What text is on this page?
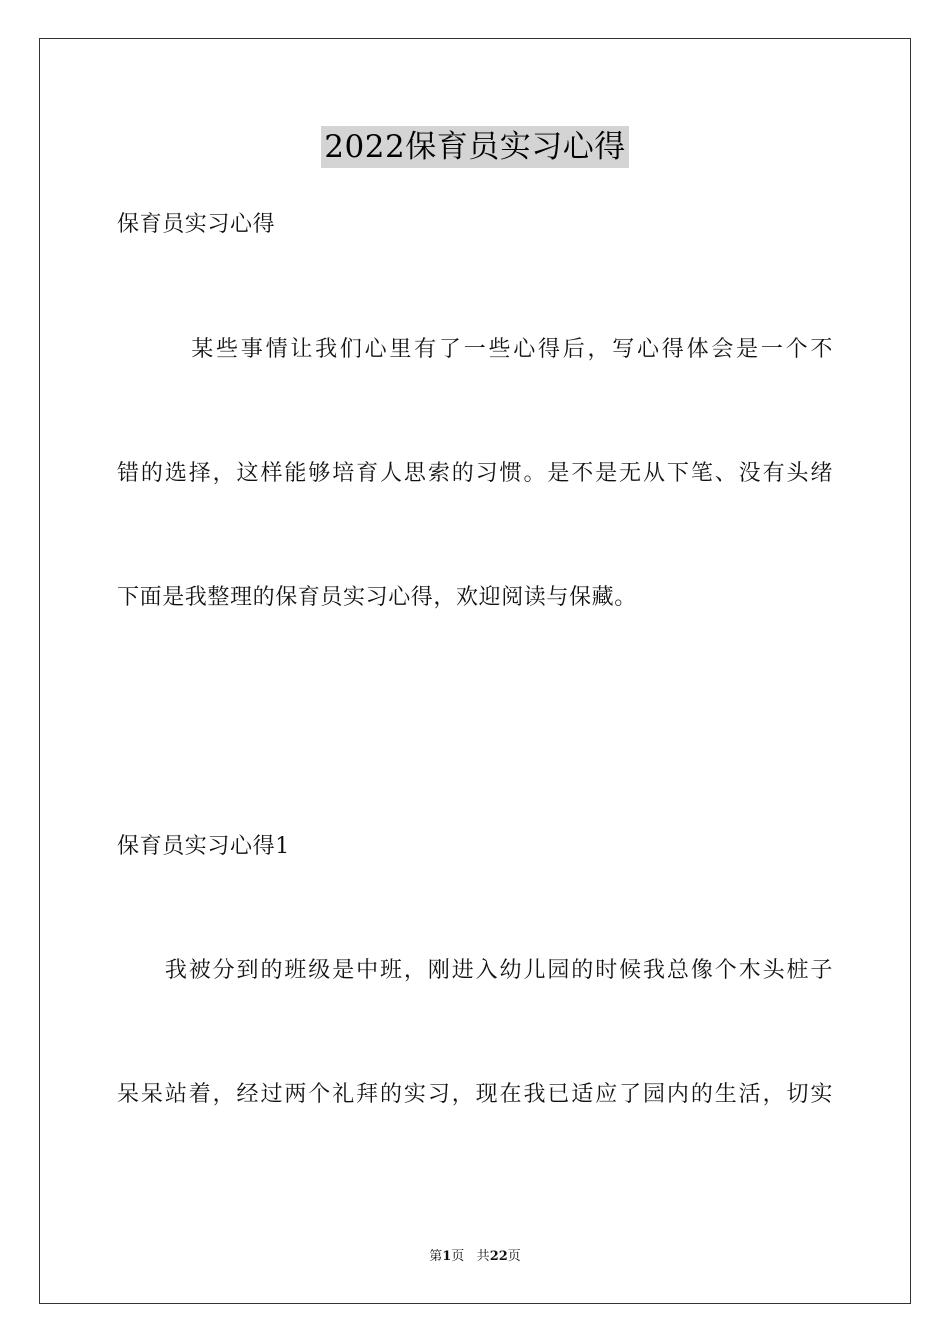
2022保育员实习心得
保育员实习心得
　　　某些事情让我们心里有了一些心得后，写心得体会是一个不
错的选择，这样能够培育人思索的习惯。是不是无从下笔、没有头绪
下面是我整理的保育员实习心得，欢迎阅读与保藏。
保育员实习心得1
　　我被分到的班级是中班，刚进入幼儿园的时候我总像个木头桩子
呆呆站着，经过两个礼拜的实习，现在我已适应了园内的生活，切实
第1页 共22页
